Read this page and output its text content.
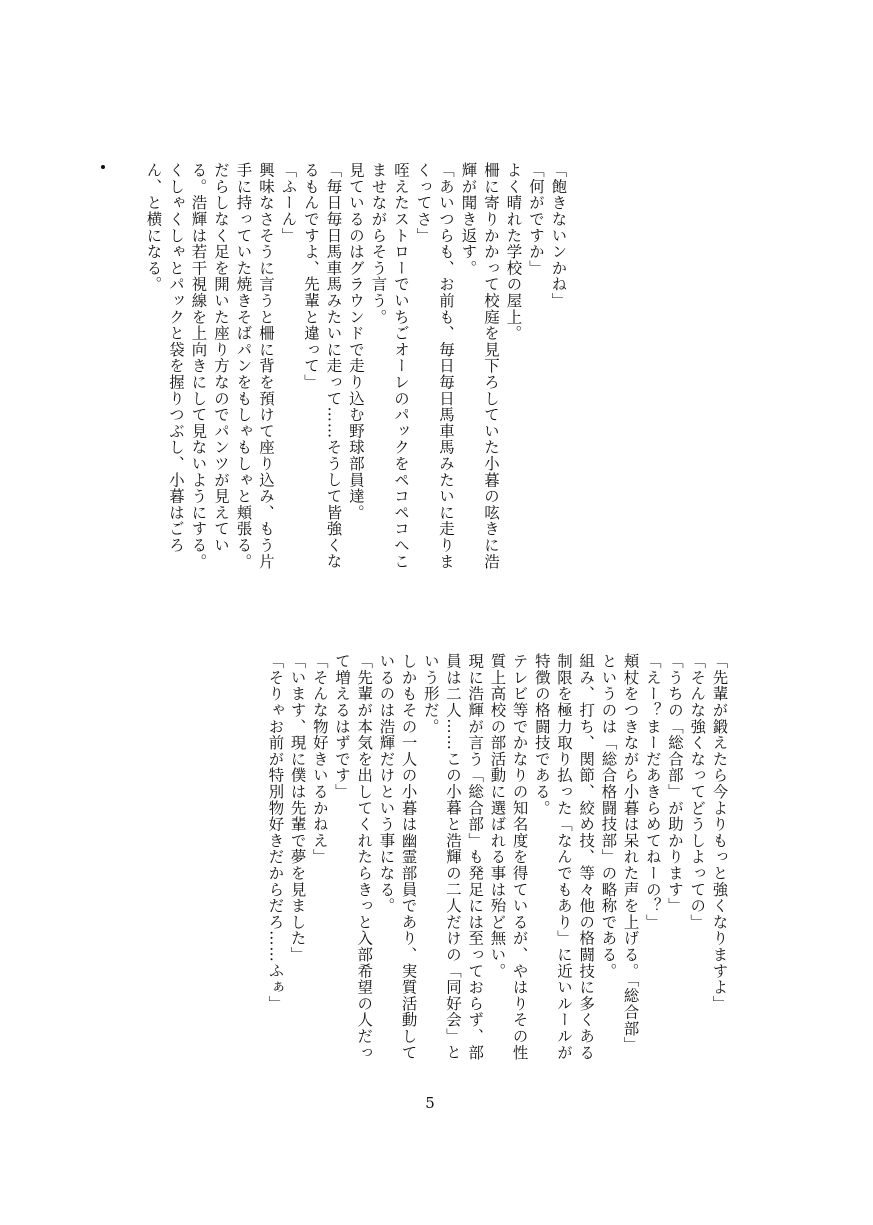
「飽きないンかね」
「何がですか」
よく晴れた学校の屋上。
柵に寄りかかって校庭を見下ろしていた小暮の呟きに浩
輝が聞き返す。
「あいつらも、お前も、毎日毎日馬車馬みたいに走りま
くってさ」
咥えたストローでいちごオーレのパックをペコペコへこ
ませながらそう言う。
見ているのはグラウンドで走り込む野球部員達。
「毎日毎日馬車馬みたいに走って……そうして皆強くな
るもんですよ、先輩と違って」
「ふーん」
興味なさそうに言うと柵に背を預けて座り込み、もう片
手に持っていた焼きそばパンをもしゃもしゃと頬張る。
だらしなく足を開いた座り方なのでパンツが見えてい
る。浩輝は若干視線を上向きにして見ないようにする。
くしゃくしゃとパックと袋を握りつぶし、小暮はごろ
ん、と横になる。
「先輩が鍛えたら今よりもっと強くなりますよ」
「そんな強くなってどうしよっての」
「うちの「総合部」が助かります」
「えー？まーだあきらめてねーの？」
頬杖をつきながら小暮は呆れた声を上げる。「総合部」
というのは「総合格闘技部」の略称である。
組み、打ち、関節、絞め技、等々他の格闘技に多くある
制限を極力取り払った「なんでもあり」に近いルールが
特徴の格闘技である。
テレビ等でかなりの知名度を得ているが、やはりその性
質上高校の部活動に選ばれる事は殆ど無い。
現に浩輝が言う「総合部」も発足には至っておらず、部
員は二人……この小暮と浩輝の二人だけの「同好会」と
いう形だ。
しかもその一人の小暮は幽霊部員であり、実質活動して
いるのは浩輝だけという事になる。
「先輩が本気を出してくれたらきっと入部希望の人だっ
て増えるはずです」
「そんな物好きいるかねえ」
「います、現に僕は先輩で夢を見ました」
「そりゃお前が特別物好きだからだろ……ふぁ」
5
